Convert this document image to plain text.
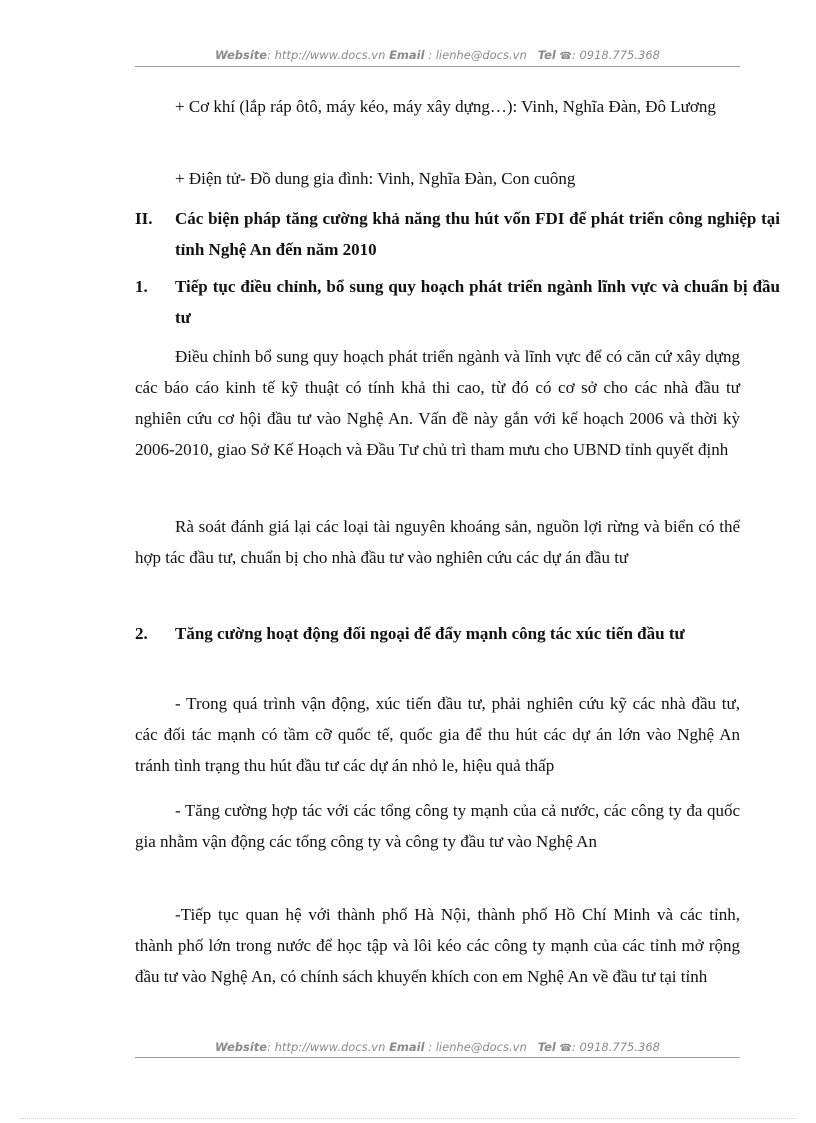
Website: http://www.docs.vn Email : lienhe@docs.vn Tel ☎: 0918.775.368

+ Cơ khí (lắp ráp ôtô, máy kéo, máy xây dựng…): Vinh, Nghĩa Đàn, Đô Lương

+ Điện tử- Đồ dung gia đình: Vinh, Nghĩa Đàn, Con cuông

II. Các biện pháp tăng cường khả năng thu hút vốn FDI để phát triển công nghiệp tại tỉnh Nghệ An đến năm 2010
1. Tiếp tục điều chỉnh, bổ sung quy hoạch phát triển ngành lĩnh vực và chuẩn bị đầu tư

Điều chỉnh bổ sung quy hoạch phát triển ngành và lĩnh vực để có căn cứ xây dựng các báo cáo kinh tế kỹ thuật có tính khả thi cao, từ đó có cơ sở cho các nhà đầu tư nghiên cứu cơ hội đầu tư vào Nghệ An. Vấn đề này gắn với kế hoạch 2006 và thời kỳ 2006-2010, giao Sở Kế Hoạch và Đầu Tư chủ trì tham mưu cho UBND tỉnh quyết định

Rà soát đánh giá lại các loại tài nguyên khoáng sản, nguồn lợi rừng và biển có thể hợp tác đầu tư, chuẩn bị cho nhà đầu tư vào nghiên cứu các dự án đầu tư

2. Tăng cường hoạt động đối ngoại để đẩy mạnh công tác xúc tiến đầu tư

- Trong quá trình vận động, xúc tiến đầu tư, phải nghiên cứu kỹ các nhà đầu tư, các đối tác mạnh có tầm cỡ quốc tế, quốc gia để thu hút các dự án lớn vào Nghệ An tránh tình trạng thu hút đầu tư các dự án nhỏ le, hiệu quả thấp

- Tăng cường hợp tác với các tổng công ty mạnh của cả nước, các công ty đa quốc gia nhằm vận động các tổng công ty và công ty đầu tư vào Nghệ An

-Tiếp tục quan hệ với thành phố Hà Nội, thành phố Hồ Chí Minh và các tỉnh, thành phố lớn trong nước để học tập và lôi kéo các công ty mạnh của các tỉnh mở rộng đầu tư vào Nghệ An, có chính sách khuyến khích con em Nghệ An về đầu tư tại tỉnh

Website: http://www.docs.vn Email : lienhe@docs.vn Tel ☎: 0918.775.368
